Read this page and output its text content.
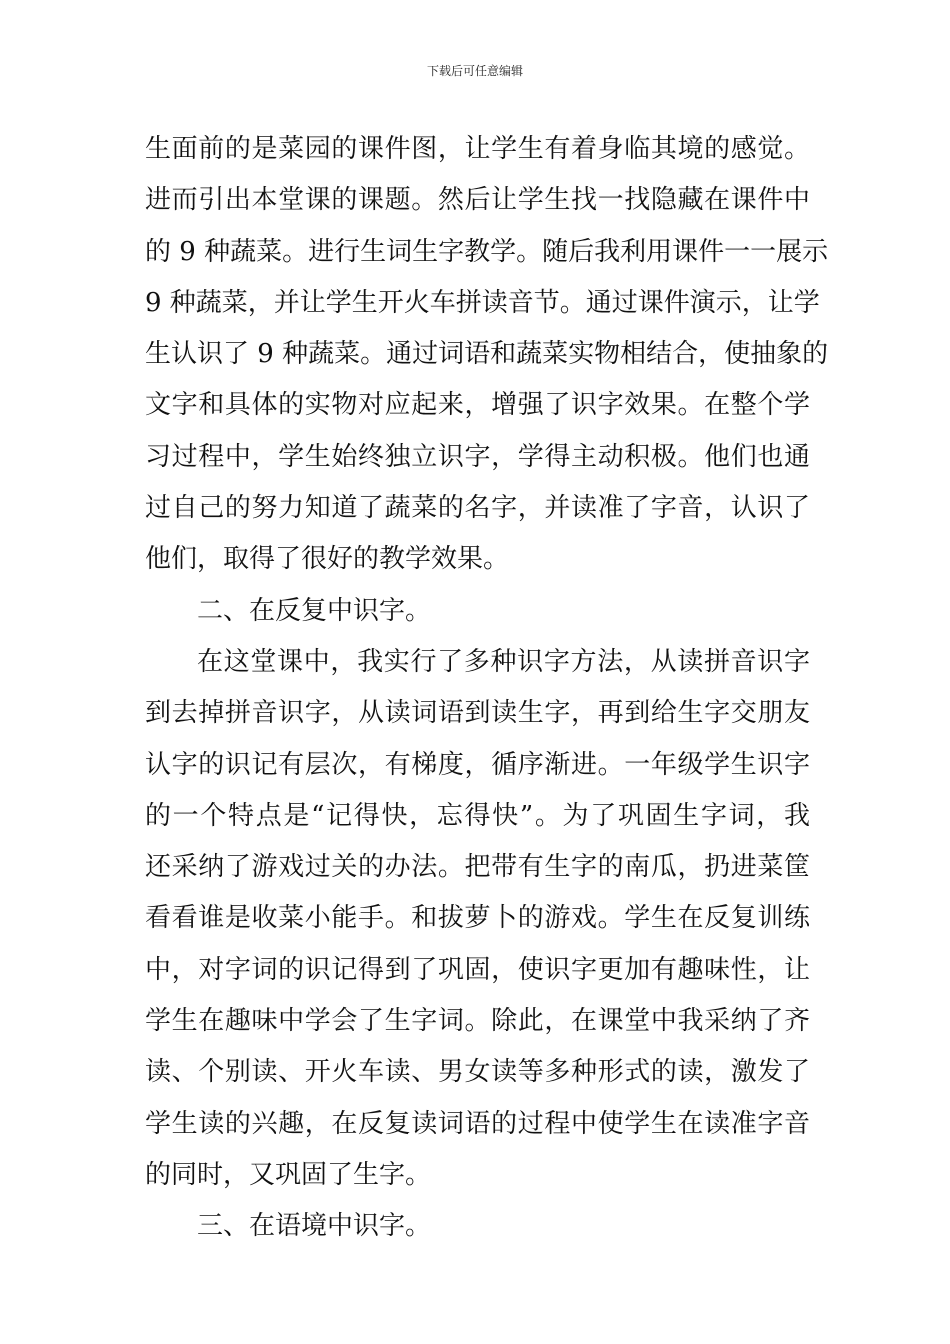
下载后可任意编辑
生面前的是菜园的课件图，让学生有着身临其境的感觉。
进而引出本堂课的课题。然后让学生找一找隐藏在课件中
的 9 种蔬菜。进行生词生字教学。随后我利用课件一一展示
9 种蔬菜，并让学生开火车拼读音节。通过课件演示，让学
生认识了 9 种蔬菜。通过词语和蔬菜实物相结合，使抽象的
文字和具体的实物对应起来，增强了识字效果。在整个学
习过程中，学生始终独立识字，学得主动积极。他们也通
过自己的努力知道了蔬菜的名字，并读准了字音，认识了
他们，取得了很好的教学效果。
二、在反复中识字。
在这堂课中，我实行了多种识字方法，从读拼音识字
到去掉拼音识字，从读词语到读生字，再到给生字交朋友
认字的识记有层次，有梯度，循序渐进。一年级学生识字
的一个特点是“记得快，忘得快”。为了巩固生字词，我
还采纳了游戏过关的办法。把带有生字的南瓜，扔进菜筐
看看谁是收菜小能手。和拔萝卜的游戏。学生在反复训练
中，对字词的识记得到了巩固，使识字更加有趣味性，让
学生在趣味中学会了生字词。除此，在课堂中我采纳了齐
读、个别读、开火车读、男女读等多种形式的读，激发了
学生读的兴趣，在反复读词语的过程中使学生在读准字音
的同时，又巩固了生字。
三、在语境中识字。
